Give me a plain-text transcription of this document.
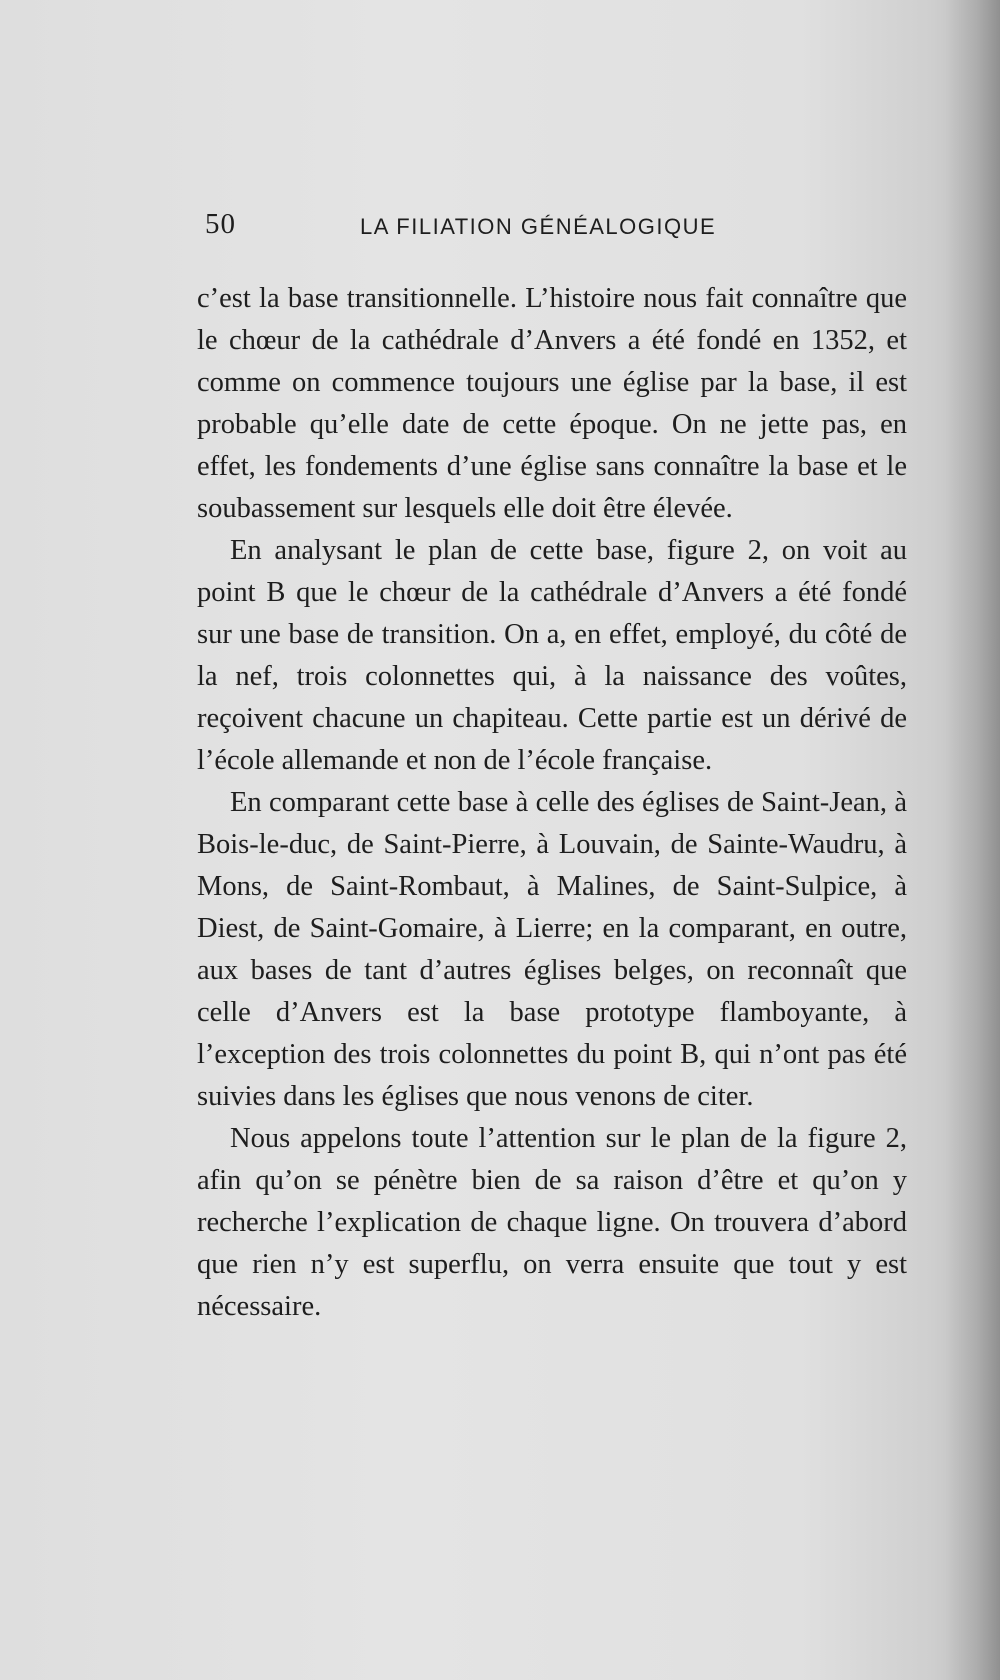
50	LA FILIATION GÉNÉALOGIQUE

c’est la base transitionnelle. L’histoire nous fait connaître que le chœur de la cathédrale d’Anvers a été fondé en 1352, et comme on commence toujours une église par la base, il est probable qu’elle date de cette époque. On ne jette pas, en effet, les fondements d’une église sans connaître la base et le soubassement sur lesquels elle doit être élevée.

En analysant le plan de cette base, figure 2, on voit au point B que le chœur de la cathédrale d’Anvers a été fondé sur une base de transition. On a, en effet, employé, du côté de la nef, trois colonnettes qui, à la naissance des voûtes, reçoivent chacune un chapiteau. Cette partie est un dérivé de l’école allemande et non de l’école française.

En comparant cette base à celle des églises de Saint-Jean, à Bois-le-duc, de Saint-Pierre, à Louvain, de Sainte-Waudru, à Mons, de Saint-Rombaut, à Malines, de Saint-Sulpice, à Diest, de Saint-Gomaire, à Lierre; en la comparant, en outre, aux bases de tant d’autres églises belges, on reconnaît que celle d’Anvers est la base prototype flamboyante, à l’exception des trois colonnettes du point B, qui n’ont pas été suivies dans les églises que nous venons de citer.

Nous appelons toute l’attention sur le plan de la figure 2, afin qu’on se pénètre bien de sa raison d’être et qu’on y recherche l’explication de chaque ligne. On trouvera d’abord que rien n’y est superflu, on verra ensuite que tout y est nécessaire.
